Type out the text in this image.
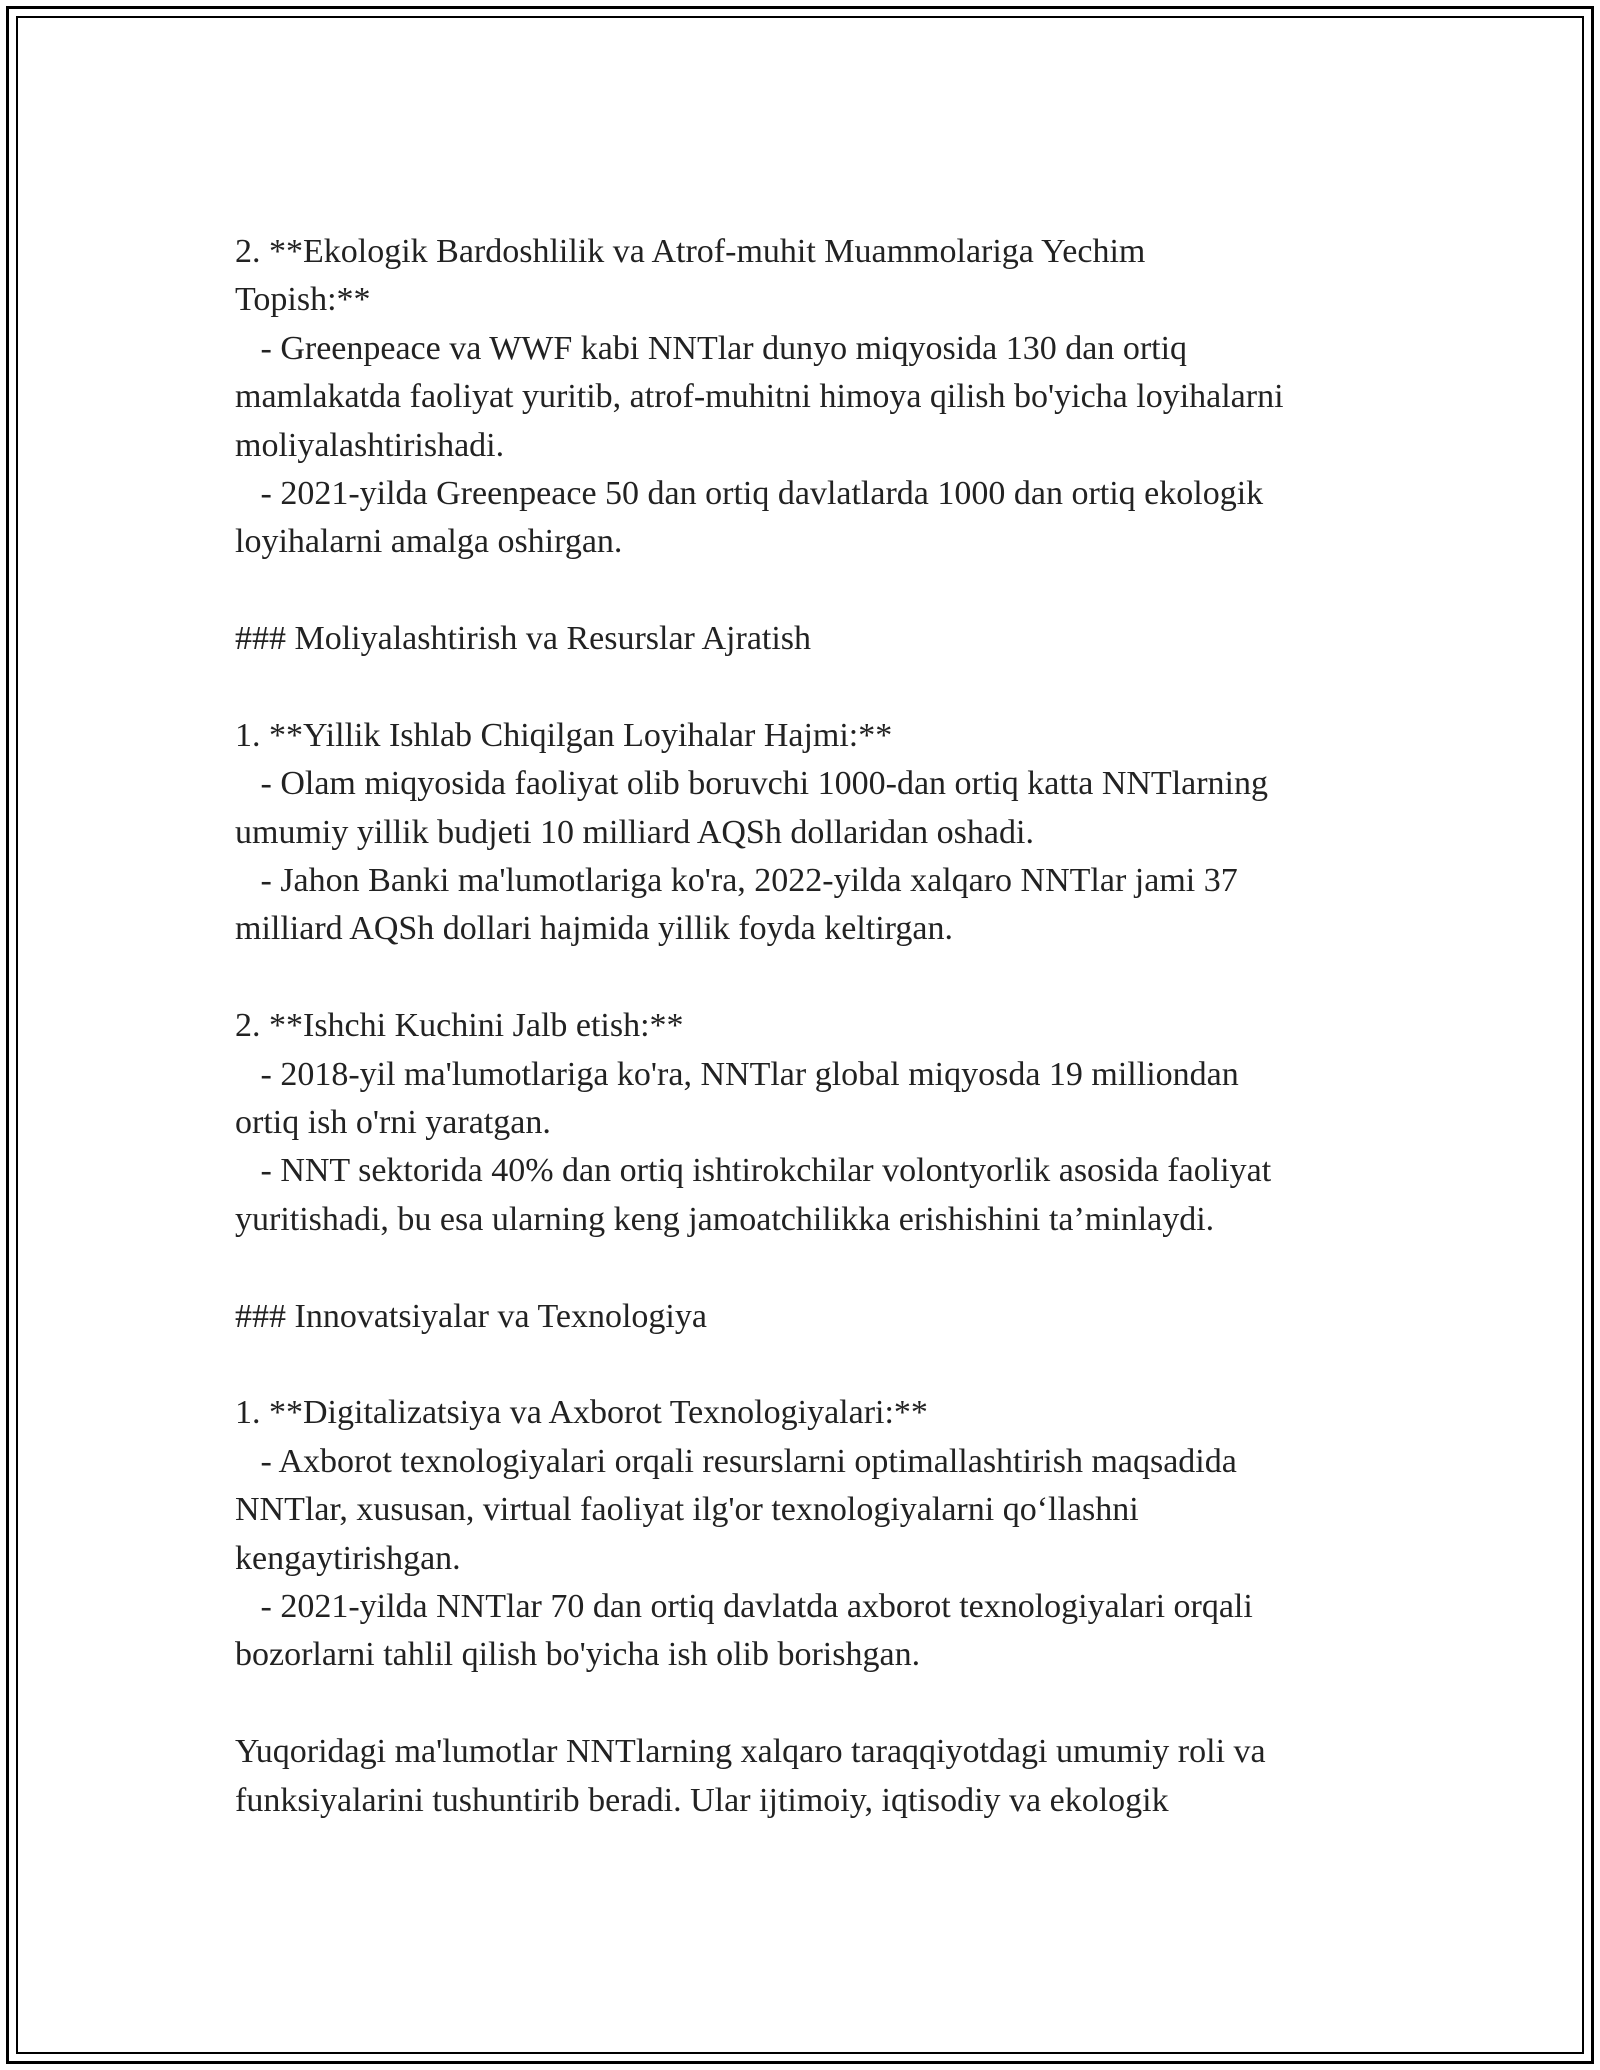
2. **Ekologik Bardoshlilik va Atrof-muhit Muammolariga Yechim
Topish:**
- Greenpeace va WWF kabi NNTlar dunyo miqyosida 130 dan ortiq
mamlakatda faoliyat yuritib, atrof-muhitni himoya qilish bo'yicha loyihalarni
moliyalashtirishadi.
- 2021-yilda Greenpeace 50 dan ortiq davlatlarda 1000 dan ortiq ekologik
loyihalarni amalga oshirgan.
### Moliyalashtirish va Resurslar Ajratish
1. **Yillik Ishlab Chiqilgan Loyihalar Hajmi:**
- Olam miqyosida faoliyat olib boruvchi 1000-dan ortiq katta NNTlarning
umumiy yillik budjeti 10 milliard AQSh dollaridan oshadi.
- Jahon Banki ma'lumotlariga ko'ra, 2022-yilda xalqaro NNTlar jami 37
milliard AQSh dollari hajmida yillik foyda keltirgan.
2. **Ishchi Kuchini Jalb etish:**
- 2018-yil ma'lumotlariga ko'ra, NNTlar global miqyosda 19 milliondan
ortiq ish o'rni yaratgan.
- NNT sektorida 40% dan ortiq ishtirokchilar volontyorlik asosida faoliyat
yuritishadi, bu esa ularning keng jamoatchilikka erishishini ta’minlaydi.
### Innovatsiyalar va Texnologiya
1. **Digitalizatsiya va Axborot Texnologiyalari:**
- Axborot texnologiyalari orqali resurslarni optimallashtirish maqsadida
NNTlar, xususan, virtual faoliyat ilg'or texnologiyalarni qo‘llashni
kengaytirishgan.
- 2021-yilda NNTlar 70 dan ortiq davlatda axborot texnologiyalari orqali
bozorlarni tahlil qilish bo'yicha ish olib borishgan.
Yuqoridagi ma'lumotlar NNTlarning xalqaro taraqqiyotdagi umumiy roli va
funksiyalarini tushuntirib beradi. Ular ijtimoiy, iqtisodiy va ekologik
